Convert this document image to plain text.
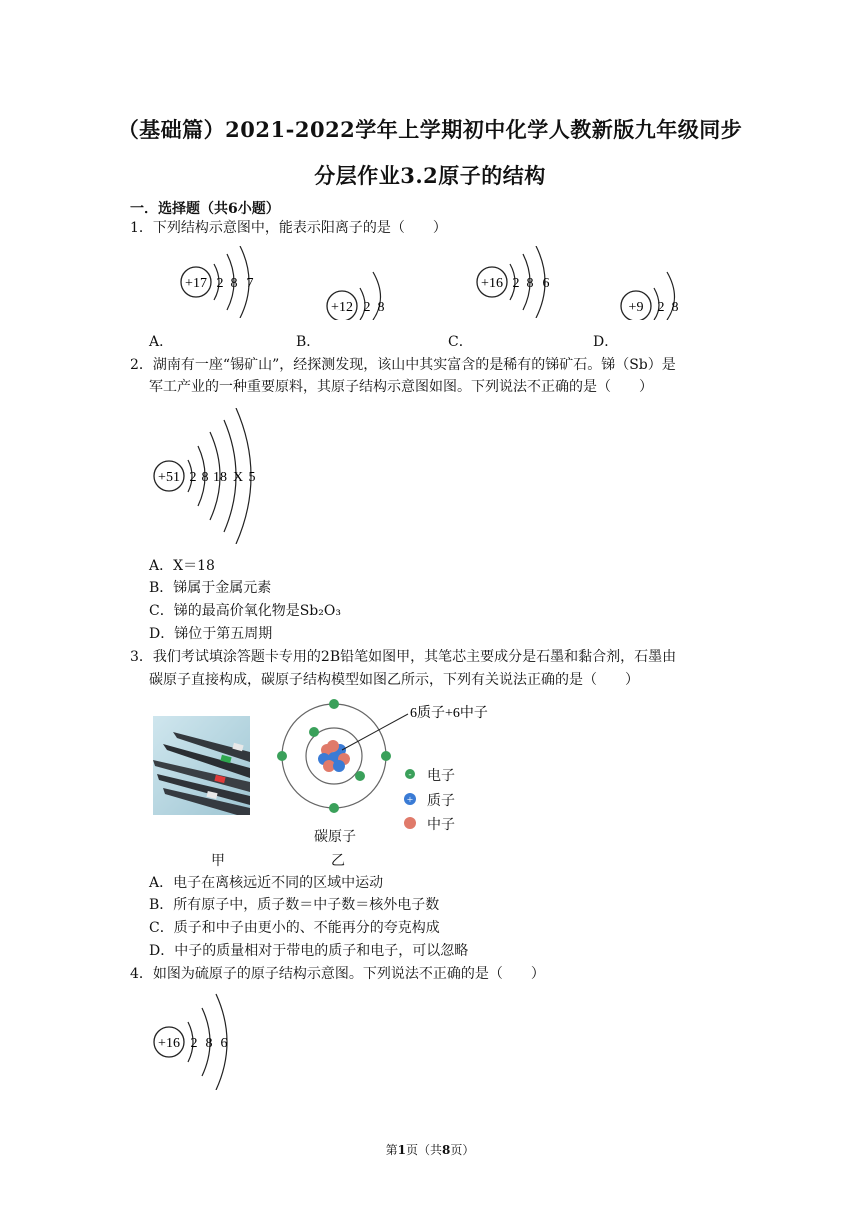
（基础篇）2021-2022学年上学期初中化学人教新版九年级同步
分层作业3.2原子的结构
一．选择题（共6小题）
1．下列结构示意图中，能表示阳离子的是（　　）
+17 2 8 7
A．
+12 2 8
B．
+16 2 8 6
C．
+9 2 8
D．
2．湖南有一座“锡矿山”，经探测发现，该山中其实富含的是稀有的锑矿石。锑（Sb）是
军工产业的一种重要原料，其原子结构示意图如图。下列说法不正确的是（　　）
+51 2 8 18 X 5
A．X＝18
B．锑属于金属元素
C．锑的最高价氧化物是Sb₂O₃
D．锑位于第五周期
3．我们考试填涂答题卡专用的2B铅笔如图甲，其笔芯主要成分是石墨和黏合剂，石墨由
碳原子直接构成，碳原子结构模型如图乙所示，下列有关说法正确的是（　　）
6质子+6中子
- 电子
+ 质子
中子
碳原子
甲	乙
A．电子在离核远近不同的区域中运动
B．所有原子中，质子数＝中子数＝核外电子数
C．质子和中子由更小的、不能再分的夸克构成
D．中子的质量相对于带电的质子和电子，可以忽略
4．如图为硫原子的原子结构示意图。下列说法不正确的是（　　）
+16 2 8 6
第1页（共8页）
